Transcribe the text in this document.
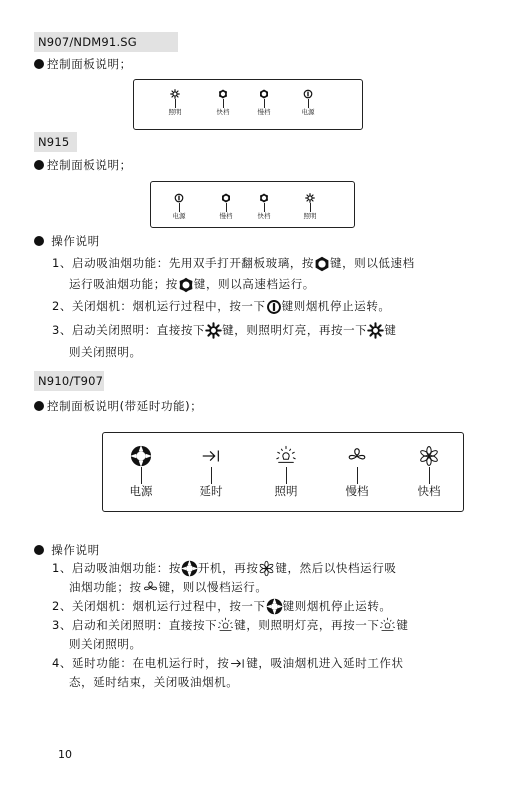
N907/NDM91.SG
控制面板说明；
照明	快档	慢档	电源
N915
控制面板说明；
电源	慢档	快档	照明
操作说明
1、启动吸油烟功能：先用双手打开翻板玻璃，按 键，则以低速档
运行吸油烟功能；按 键，则以高速档运行。
2、关闭烟机：烟机运行过程中，按一下 键则烟机停止运转。
3、启动关闭照明：直接按下 键，则照明灯亮，再按一下 键
则关闭照明。
N910/T907
控制面板说明(带延时功能)；
电源	延时	照明	慢档	快档
操作说明
1、启动吸油烟功能：按 开机，再按 键，然后以快档运行吸
油烟功能；按 键，则以慢档运行。
2、关闭烟机：烟机运行过程中，按一下 键则烟机停止运转。
3、启动和关闭照明：直接按下 键，则照明灯亮，再按一下 键
则关闭照明。
4、延时功能：在电机运行时，按 键，吸油烟机进入延时工作状
态，延时结束，关闭吸油烟机。
10
